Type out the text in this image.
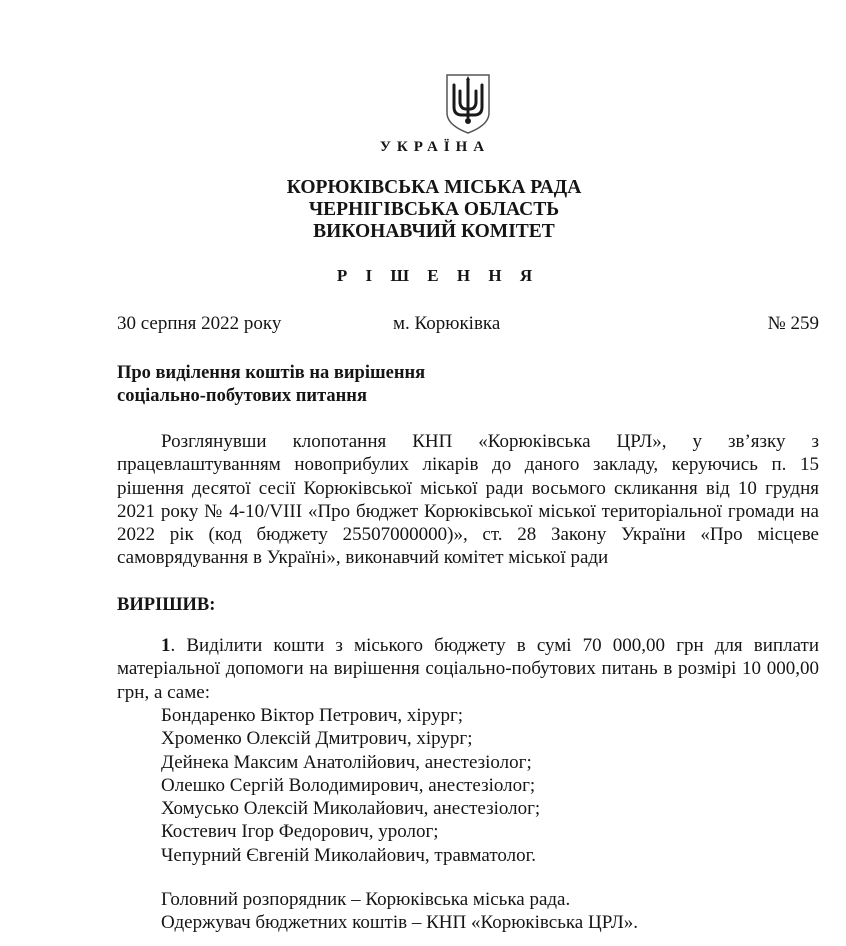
УКРАЇНА
КОРЮКІВСЬКА МІСЬКА РАДА
ЧЕРНІГІВСЬКА ОБЛАСТЬ
ВИКОНАВЧИЙ КОМІТЕТ
Р І Ш Е Н Н Я
30 серпня 2022 року	м. Корюківка	№ 259
Про виділення коштів на вирішення
соціально-побутових питання

Розглянувши клопотання КНП «Корюківська ЦРЛ», у зв’язку з працевлаштуванням новоприбулих лікарів до даного закладу, керуючись п. 15 рішення десятої сесії Корюківської міської ради восьмого скликання від 10 грудня 2021 року № 4-10/VIII «Про бюджет Корюківської міської територіальної громади на 2022 рік (код бюджету 25507000000)», ст. 28 Закону України «Про місцеве самоврядування в Україні», виконавчий комітет міської ради

ВИРІШИВ:

1. Виділити кошти з міського бюджету в сумі 70 000,00 грн для виплати матеріальної допомоги на вирішення соціально-побутових питань в розмірі 10 000,00 грн, а саме:

Бондаренко Віктор Петрович, хірург;
Хроменко Олексій Дмитрович, хірург;
Дейнека Максим Анатолійович, анестезіолог;
Олешко Сергій Володимирович, анестезіолог;
Хомусько Олексій Миколайович, анестезіолог;
Костевич Ігор Федорович, уролог;
Чепурний Євгеній Миколайович, травматолог.
Головний розпорядник – Корюківська міська рада.
Одержувач бюджетних коштів – КНП «Корюківська ЦРЛ».
